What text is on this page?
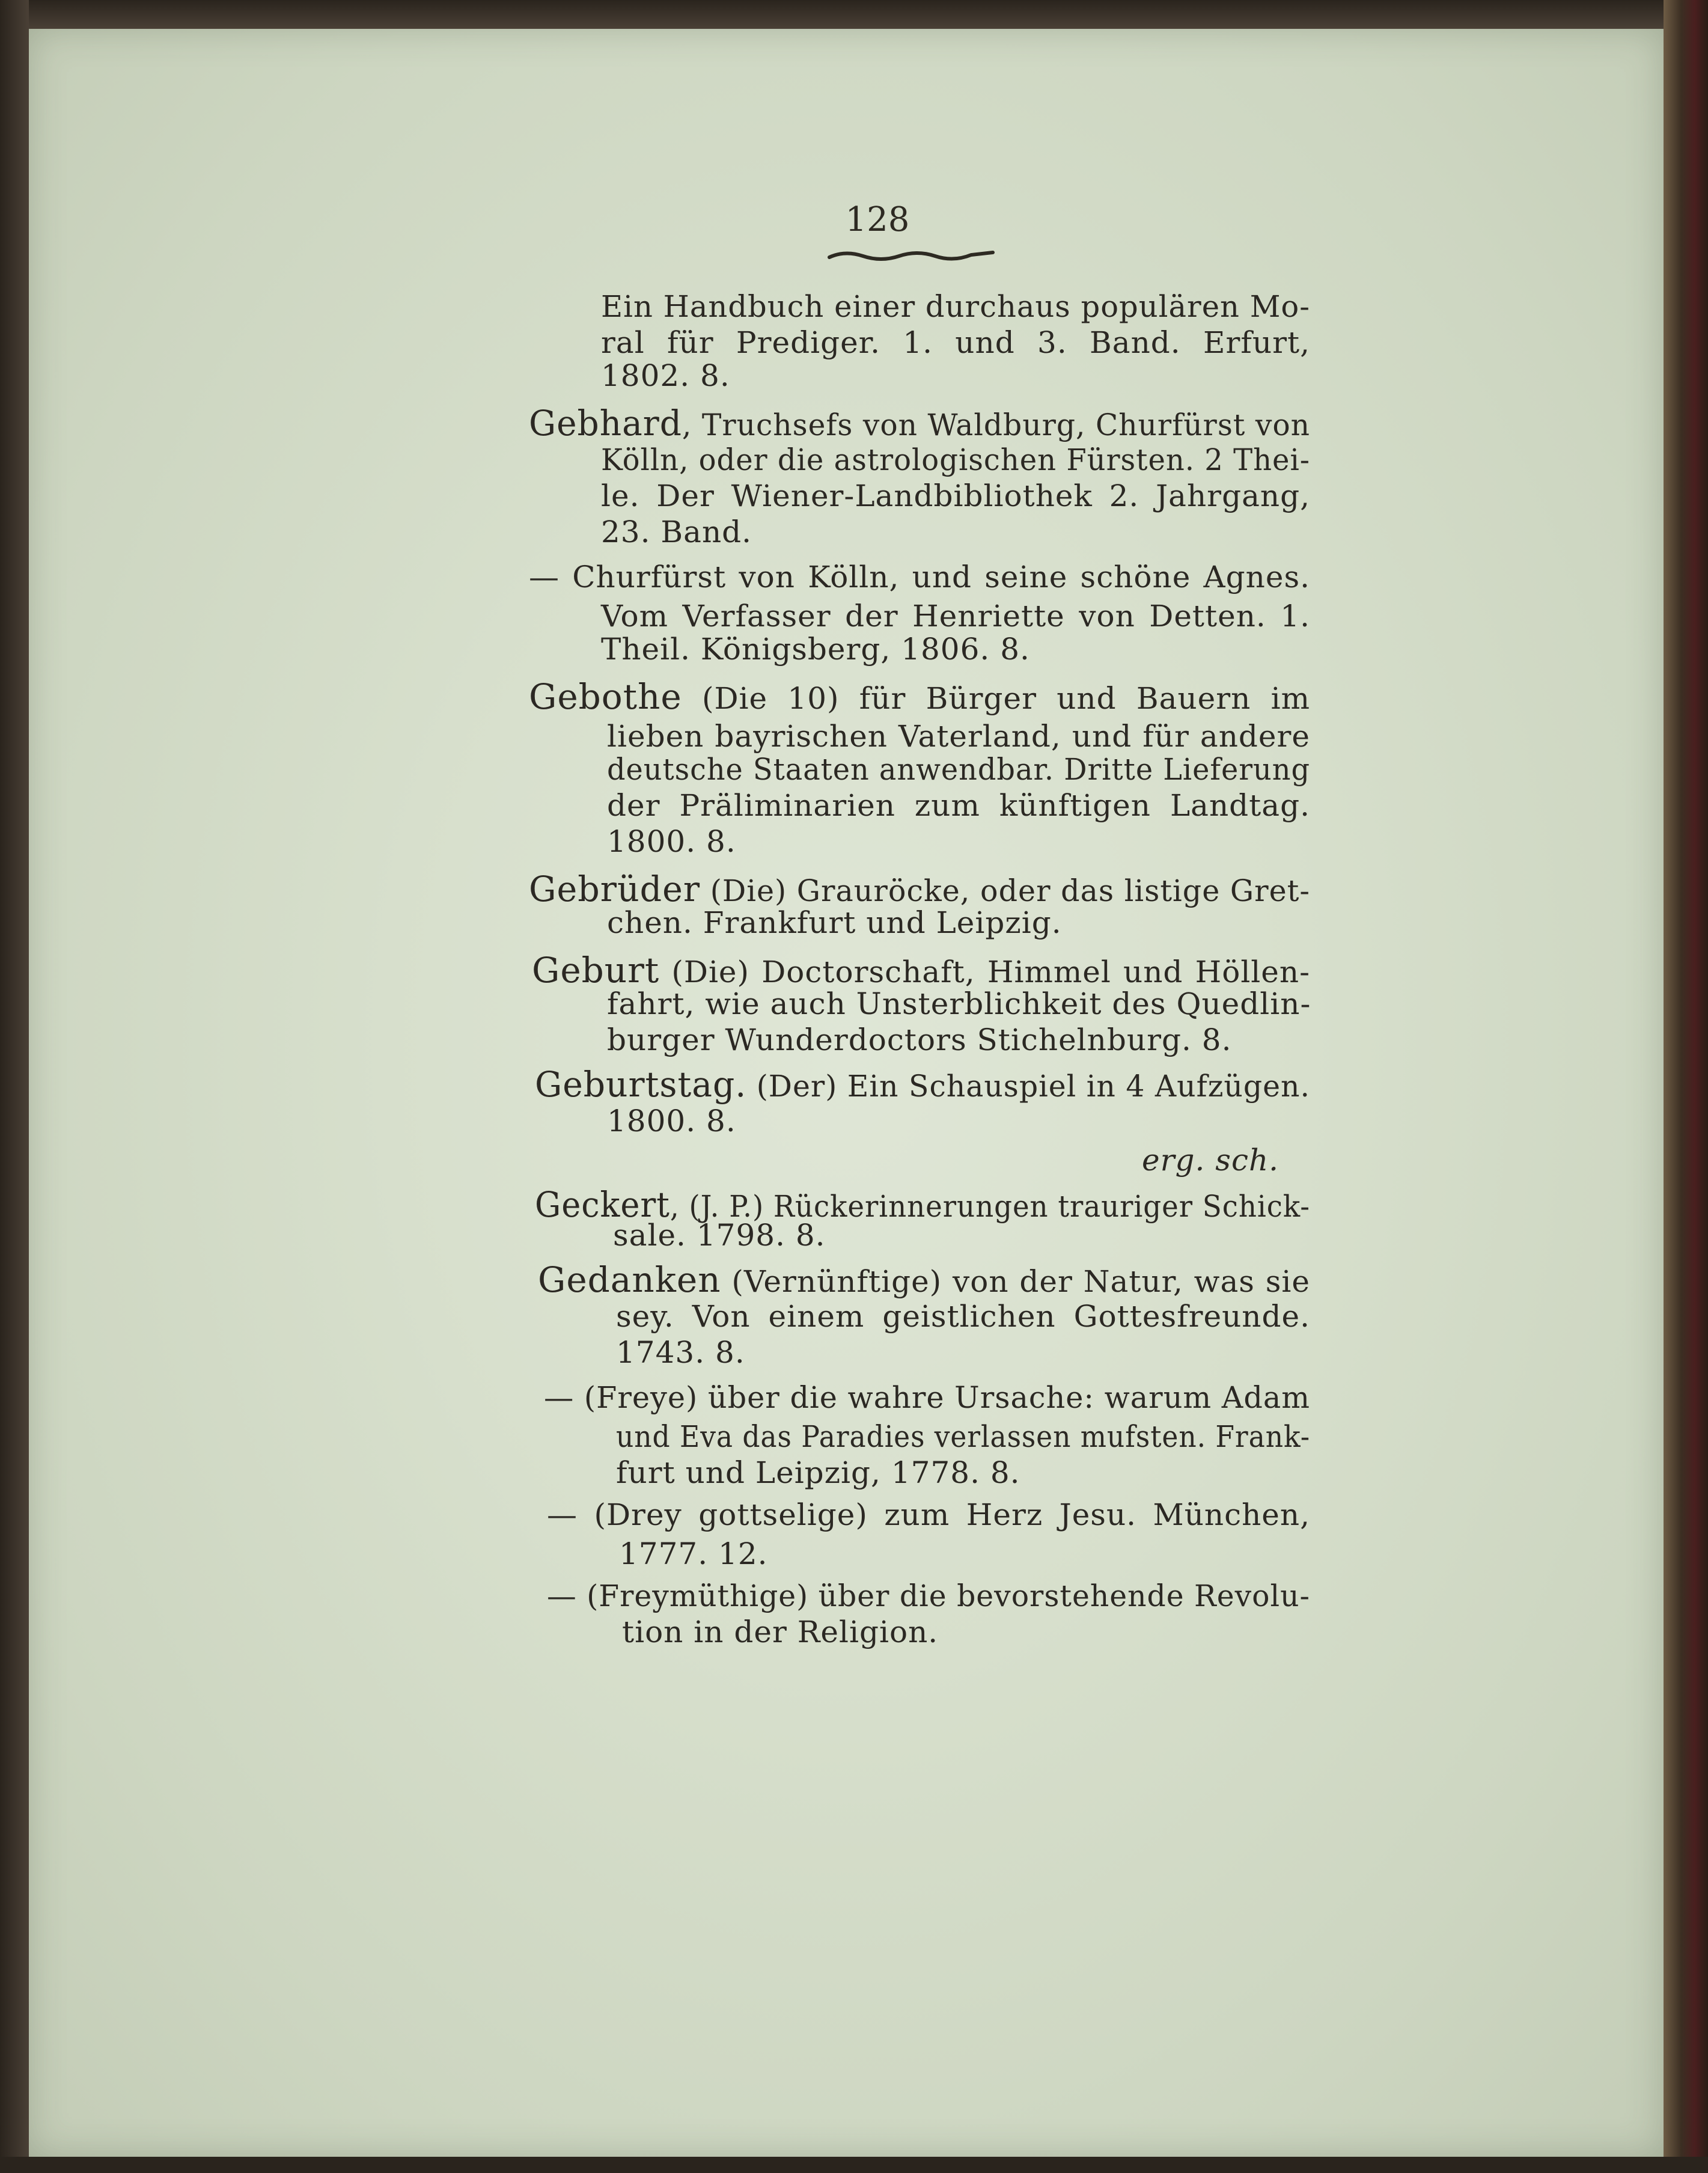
128
Ein Handbuch einer durchaus populären Mo-
ral für Prediger. 1. und 3. Band. Erfurt,
1802. 8.
Gebhard, Truchsefs von Waldburg, Churfürst von
Kölln, oder die astrologischen Fürsten. 2 Thei-
le. Der Wiener-Landbibliothek 2. Jahrgang,
23. Band.
— Churfürst von Kölln, und seine schöne Agnes.
Vom Verfasser der Henriette von Detten. 1.
Theil. Königsberg, 1806. 8.
Gebothe (Die 10) für Bürger und Bauern im
lieben bayrischen Vaterland, und für andere
deutsche Staaten anwendbar. Dritte Lieferung
der Präliminarien zum künftigen Landtag.
1800. 8.
Gebrüder (Die) Grauröcke, oder das listige Gret-
chen. Frankfurt und Leipzig.
Geburt (Die) Doctorschaft, Himmel und Höllen-
fahrt, wie auch Unsterblichkeit des Quedlin-
burger Wunderdoctors Stichelnburg. 8.
Geburtstag. (Der) Ein Schauspiel in 4 Aufzügen.
1800. 8.
erg. sch.
Geckert, (J. P.) Rückerinnerungen trauriger Schick-
sale. 1798. 8.
Gedanken (Vernünftige) von der Natur, was sie
sey. Von einem geistlichen Gottesfreunde.
1743. 8.
— (Freye) über die wahre Ursache: warum Adam
und Eva das Paradies verlassen mufsten. Frank-
furt und Leipzig, 1778. 8.
— (Drey gottselige) zum Herz Jesu. München,
1777. 12.
— (Freymüthige) über die bevorstehende Revolu-
tion in der Religion.
